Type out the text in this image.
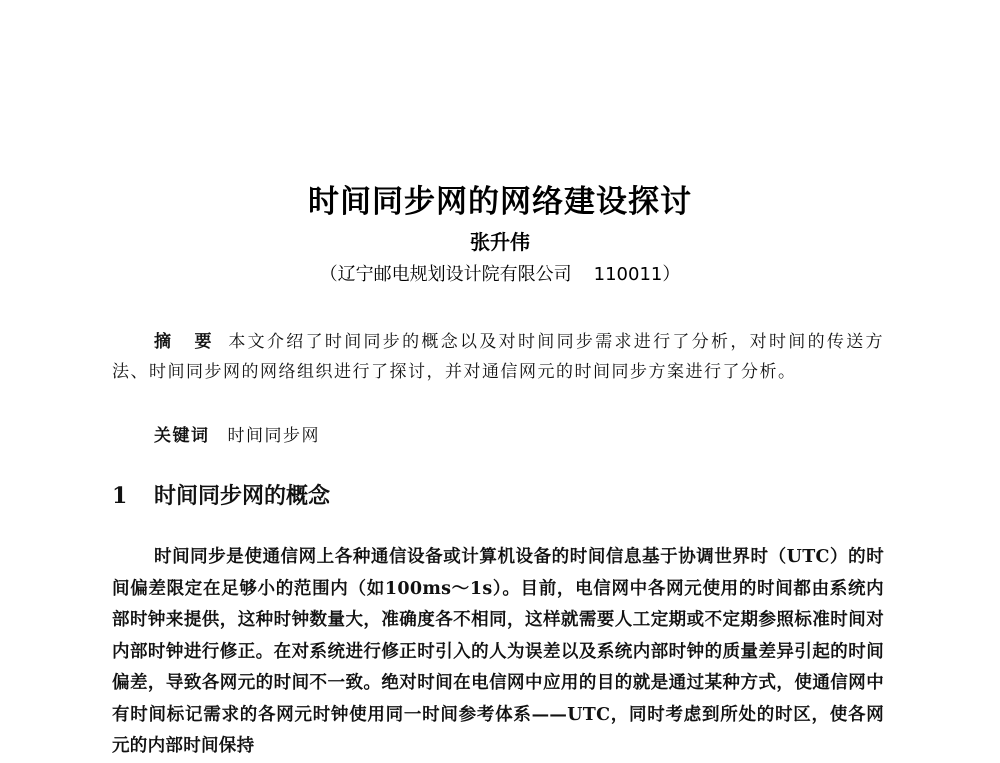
时间同步网的网络建设探讨
张升伟
（辽宁邮电规划设计院有限公司 110011）
摘 要 本文介绍了时间同步的概念以及对时间同步需求进行了分析，对时间的传送方法、时间同步网的网络组织进行了探讨，并对通信网元的时间同步方案进行了分析。
关键词 时间同步网
1 时间同步网的概念
时间同步是使通信网上各种通信设备或计算机设备的时间信息基于协调世界时（UTC）的时间偏差限定在足够小的范围内（如100ms～1s）。目前，电信网中各网元使用的时间都由系统内部时钟来提供，这种时钟数量大，准确度各不相同，这样就需要人工定期或不定期参照标准时间对内部时钟进行修正。在对系统进行修正时引入的人为误差以及系统内部时钟的质量差异引起的时间偏差，导致各网元的时间不一致。绝对时间在电信网中应用的目的就是通过某种方式，使通信网中有时间标记需求的各网元时钟使用同一时间参考体系——UTC，同时考虑到所处的时区，使各网元的内部时间保持
